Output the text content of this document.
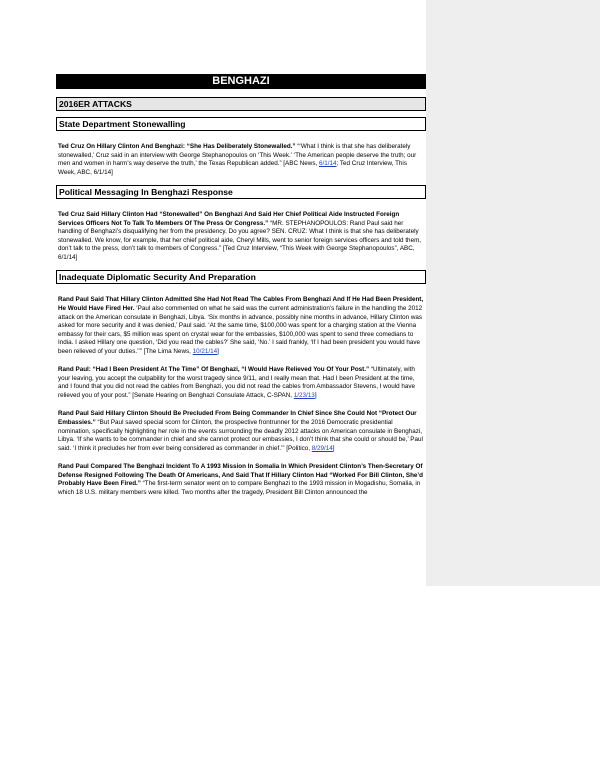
BENGHAZI
2016ER ATTACKS
State Department Stonewalling

Ted Cruz On Hillary Clinton And Benghazi: “She Has Deliberately Stonewalled.” “‘What I think is that she has deliberately stonewalled,’ Cruz said in an interview with George Stephanopoulos on ‘This Week.’ ‘The American people deserve the truth; our men and women in harm’s way deserve the truth,’ the Texas Republican added.” [ABC News, 6/1/14; Ted Cruz Interview, This Week, ABC, 6/1/14]

Political Messaging In Benghazi Response

Ted Cruz Said Hillary Clinton Had “Stonewalled” On Benghazi And Said Her Chief Political Aide Instructed Foreign Services Officers Not To Talk To Members Of The Press Or Congress.” “MR. STEPHANOPOULOS: Rand Paul said her handling of Benghazi’s disqualifying her from the presidency. Do you agree? SEN. CRUZ: What I think is that she has deliberately stonewalled. We know, for example, that her chief political aide, Cheryl Mills, went to senior foreign services officers and told them, don’t talk to the press, don’t talk to members of Congress.” [Ted Cruz Interview, “This Week with George Stephanopoulos”, ABC, 6/1/14]

Inadequate Diplomatic Security And Preparation

Rand Paul Said That Hillary Clinton Admitted She Had Not Read The Cables From Benghazi And If He Had Been President, He Would Have Fired Her. ‘Paul also commented on what he said was the current administration’s failure in the handling the 2012 attack on the American consulate in Benghazi, Libya. ‘Six months in advance, possibly nine months in advance, Hillary Clinton was asked for more security and it was denied,’ Paul said. ‘At the same time, $100,000 was spent for a charging station at the Vienna embassy for their cars, $5 million was spent on crystal wear for the embassies, $100,000 was spent to send three comedians to India. I asked Hillary one question, ‘Did you read the cables?’ She said, ‘No.’ I said frankly, ‘If I had been president you would have been relieved of your duties.’’” [The Lima News, 10/21/14]

Rand Paul: “Had I Been President At The Time” Of Benghazi, “I Would Have Relieved You Of Your Post.” “Ultimately, with your leaving, you accept the culpability for the worst tragedy since 9/11, and I really mean that. Had I been President at the time, and I found that you did not read the cables from Benghazi, you did not read the cables from Ambassador Stevens, I would have relieved you of your post.” [Senate Hearing on Benghazi Consulate Attack, C-SPAN, 1/23/13]

Rand Paul Said Hillary Clinton Should Be Precluded From Being Commander In Chief Since She Could Not “Protect Our Embassies.” “But Paul saved special scorn for Clinton, the prospective frontrunner for the 2016 Democratic presidential nomination, specifically highlighting her role in the events surrounding the deadly 2012 attacks on American consulate in Benghazi, Libya. ‘If she wants to be commander in chief and she cannot protect our embassies, I don’t think that she could or should be,’ Paul said. ‘I think it precludes her from ever being considered as commander in chief.’” [Politico, 8/29/14]

Rand Paul Compared The Benghazi Incident To A 1993 Mission In Somalia In Which President Clinton’s Then-Secretary Of Defense Resigned Following The Death Of Americans, And Said That If Hillary Clinton Had “Worked For Bill Clinton, She’d Probably Have Been Fired.” “The first-term senator went on to compare Benghazi to the 1993 mission in Mogadishu, Somalia, in which 18 U.S. military members were killed. Two months after the tragedy, President Bill Clinton announced the
